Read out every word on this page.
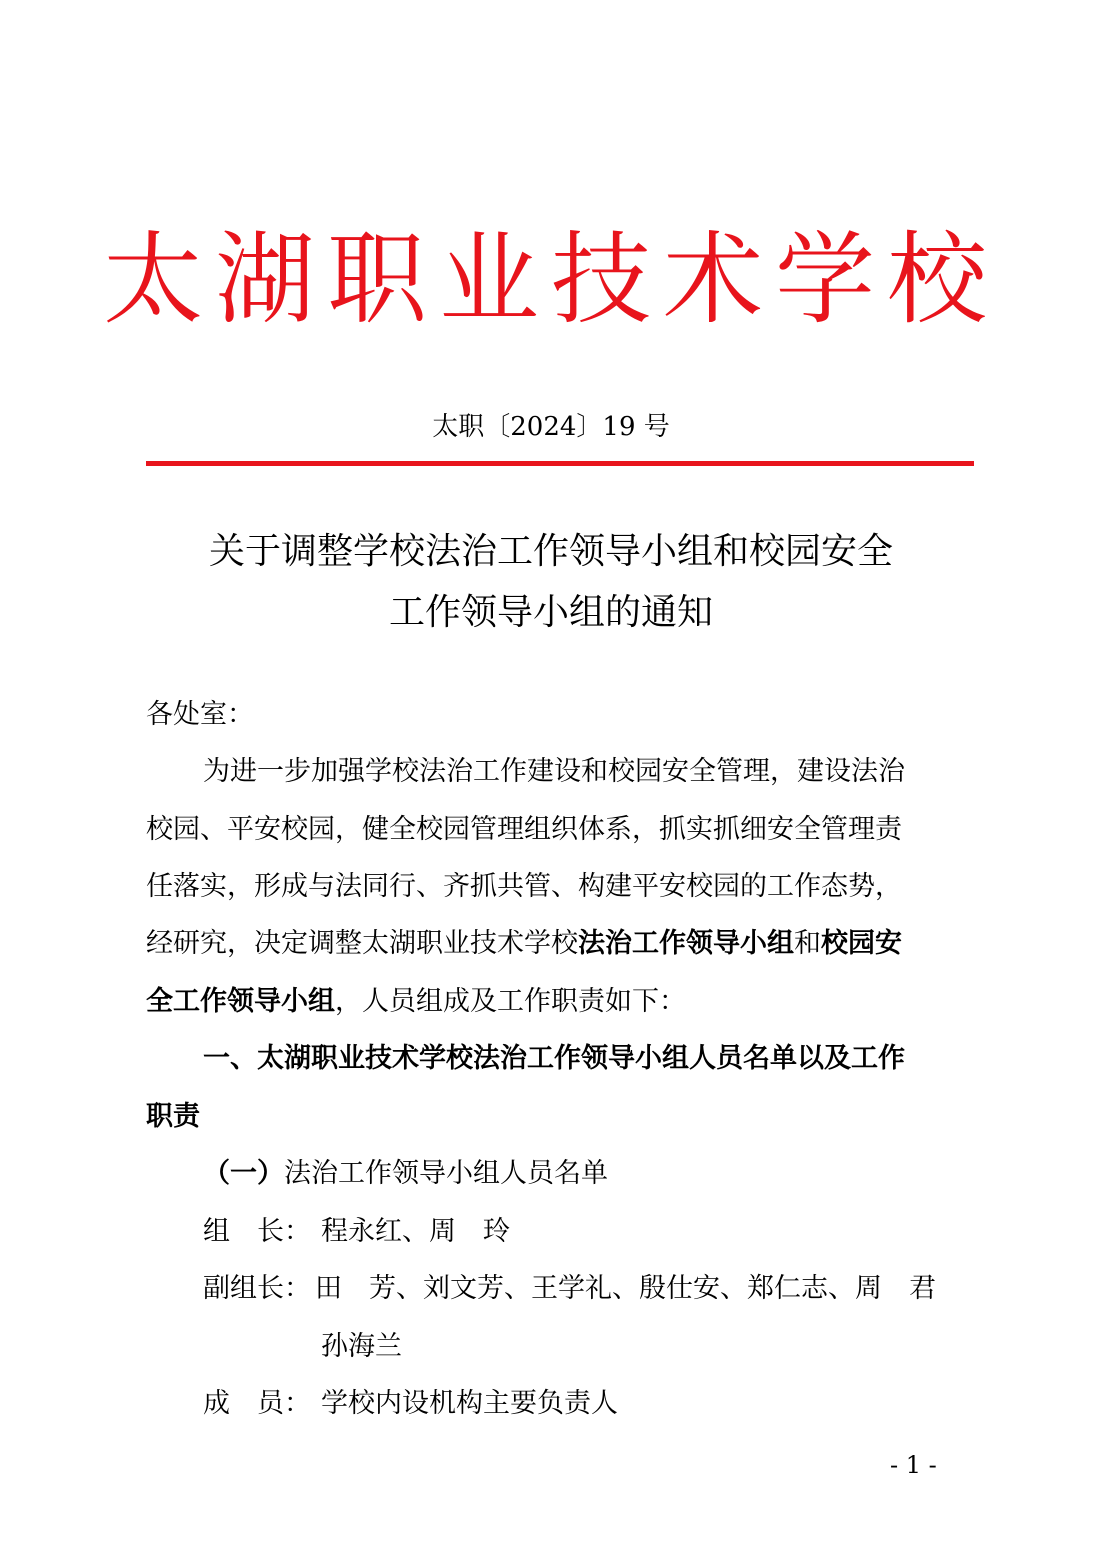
太湖职业技术学校
太职〔2024〕19 号
关于调整学校法治工作领导小组和校园安全
工作领导小组的通知
各处室：
为进一步加强学校法治工作建设和校园安全管理，建设法治
校园、平安校园，健全校园管理组织体系，抓实抓细安全管理责
任落实，形成与法同行、齐抓共管、构建平安校园的工作态势，
经研究，决定调整太湖职业技术学校法治工作领导小组和校园安
全工作领导小组，人员组成及工作职责如下：
一、太湖职业技术学校法治工作领导小组人员名单以及工作
职责
（一）法治工作领导小组人员名单
组　长： 程永红、周　玲
副组长： 田　芳、刘文芳、王学礼、殷仕安、郑仁志、周　君
孙海兰
成　员： 学校内设机构主要负责人
- 1 -
